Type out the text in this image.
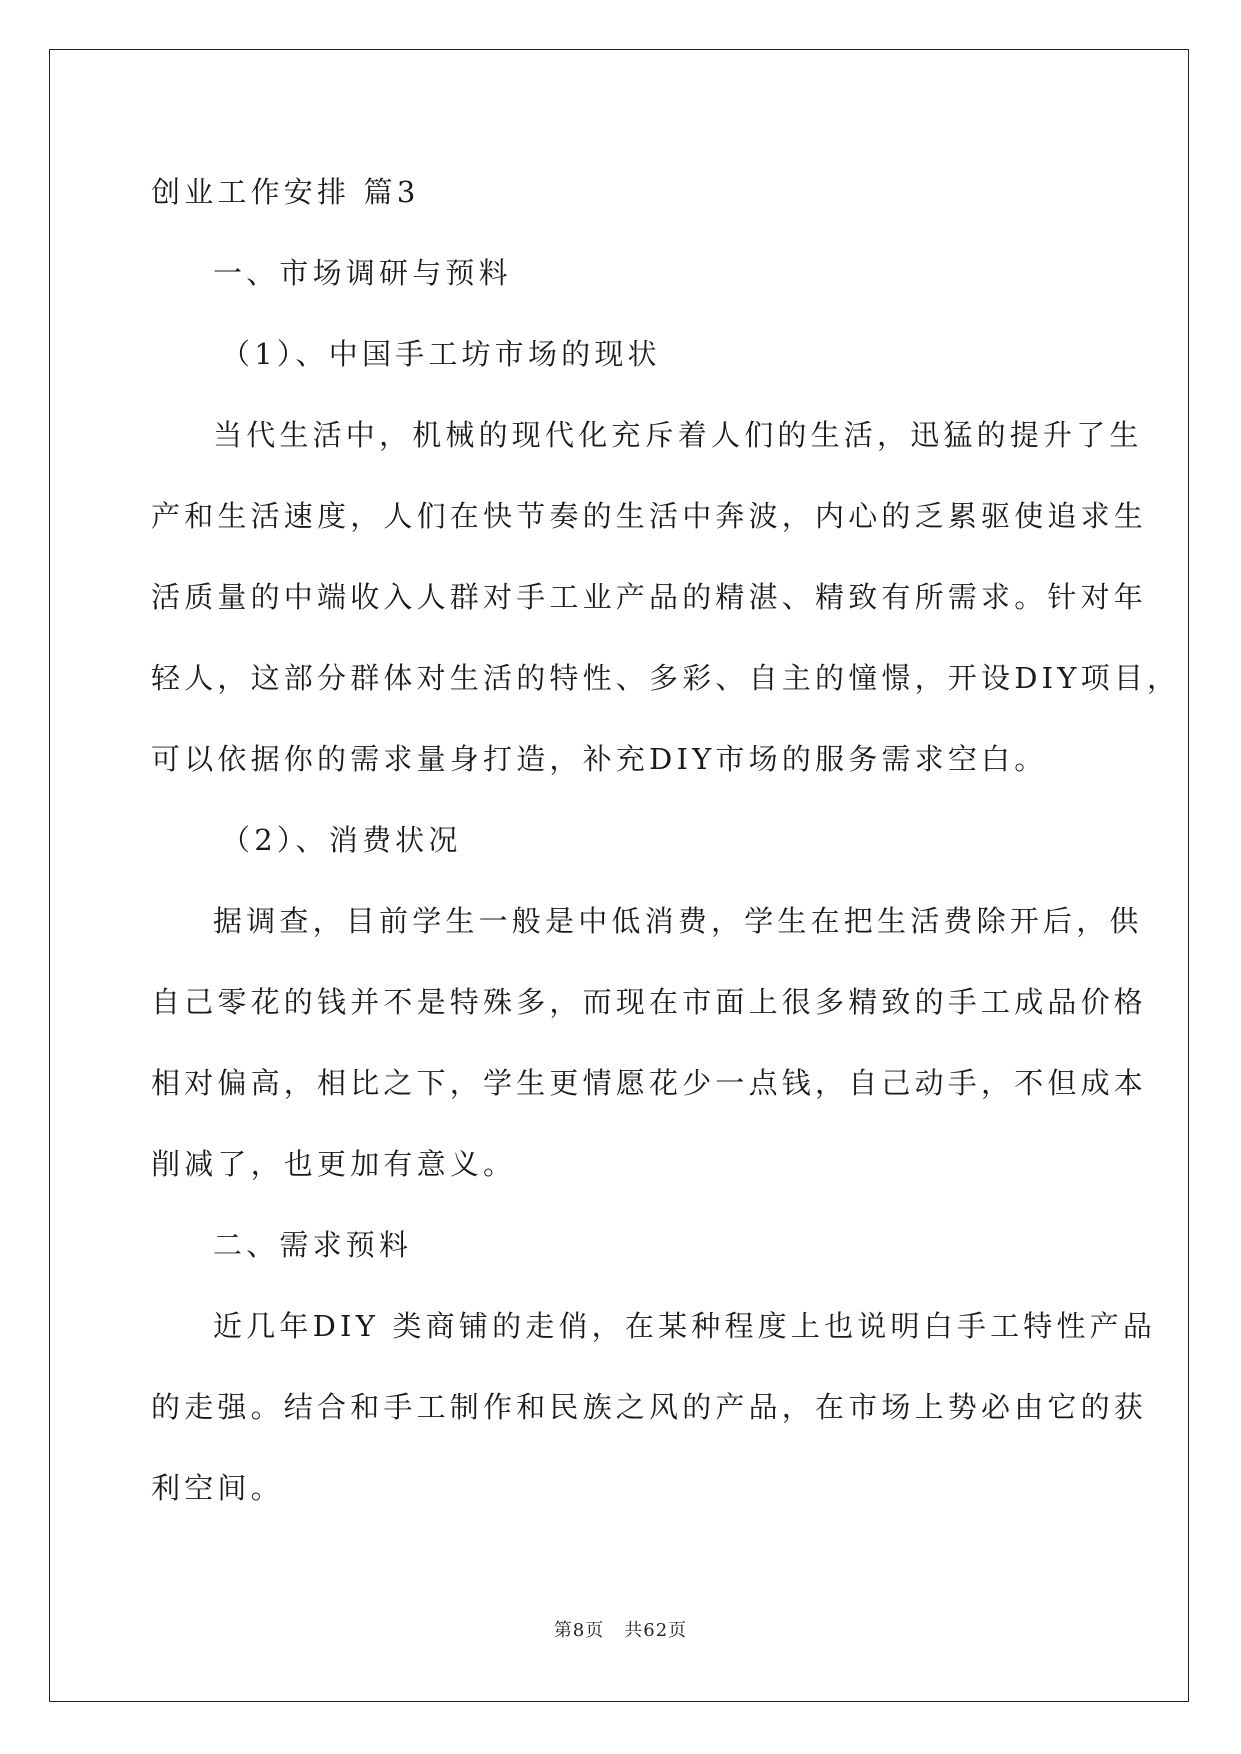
创业工作安排 篇3
一、市场调研与预料
（1）、中国手工坊市场的现状
当代生活中，机械的现代化充斥着人们的生活，迅猛的提升了生
产和生活速度，人们在快节奏的生活中奔波，内心的乏累驱使追求生
活质量的中端收入人群对手工业产品的精湛、精致有所需求。针对年
轻人，这部分群体对生活的特性、多彩、自主的憧憬，开设DIY项目，
可以依据你的需求量身打造，补充DIY市场的服务需求空白。
（2）、消费状况
据调查，目前学生一般是中低消费，学生在把生活费除开后，供
自己零花的钱并不是特殊多，而现在市面上很多精致的手工成品价格
相对偏高，相比之下，学生更情愿花少一点钱，自己动手，不但成本
削减了，也更加有意义。
二、需求预料
近几年DIY 类商铺的走俏，在某种程度上也说明白手工特性产品
的走强。结合和手工制作和民族之风的产品，在市场上势必由它的获
利空间。
第8页 共62页
